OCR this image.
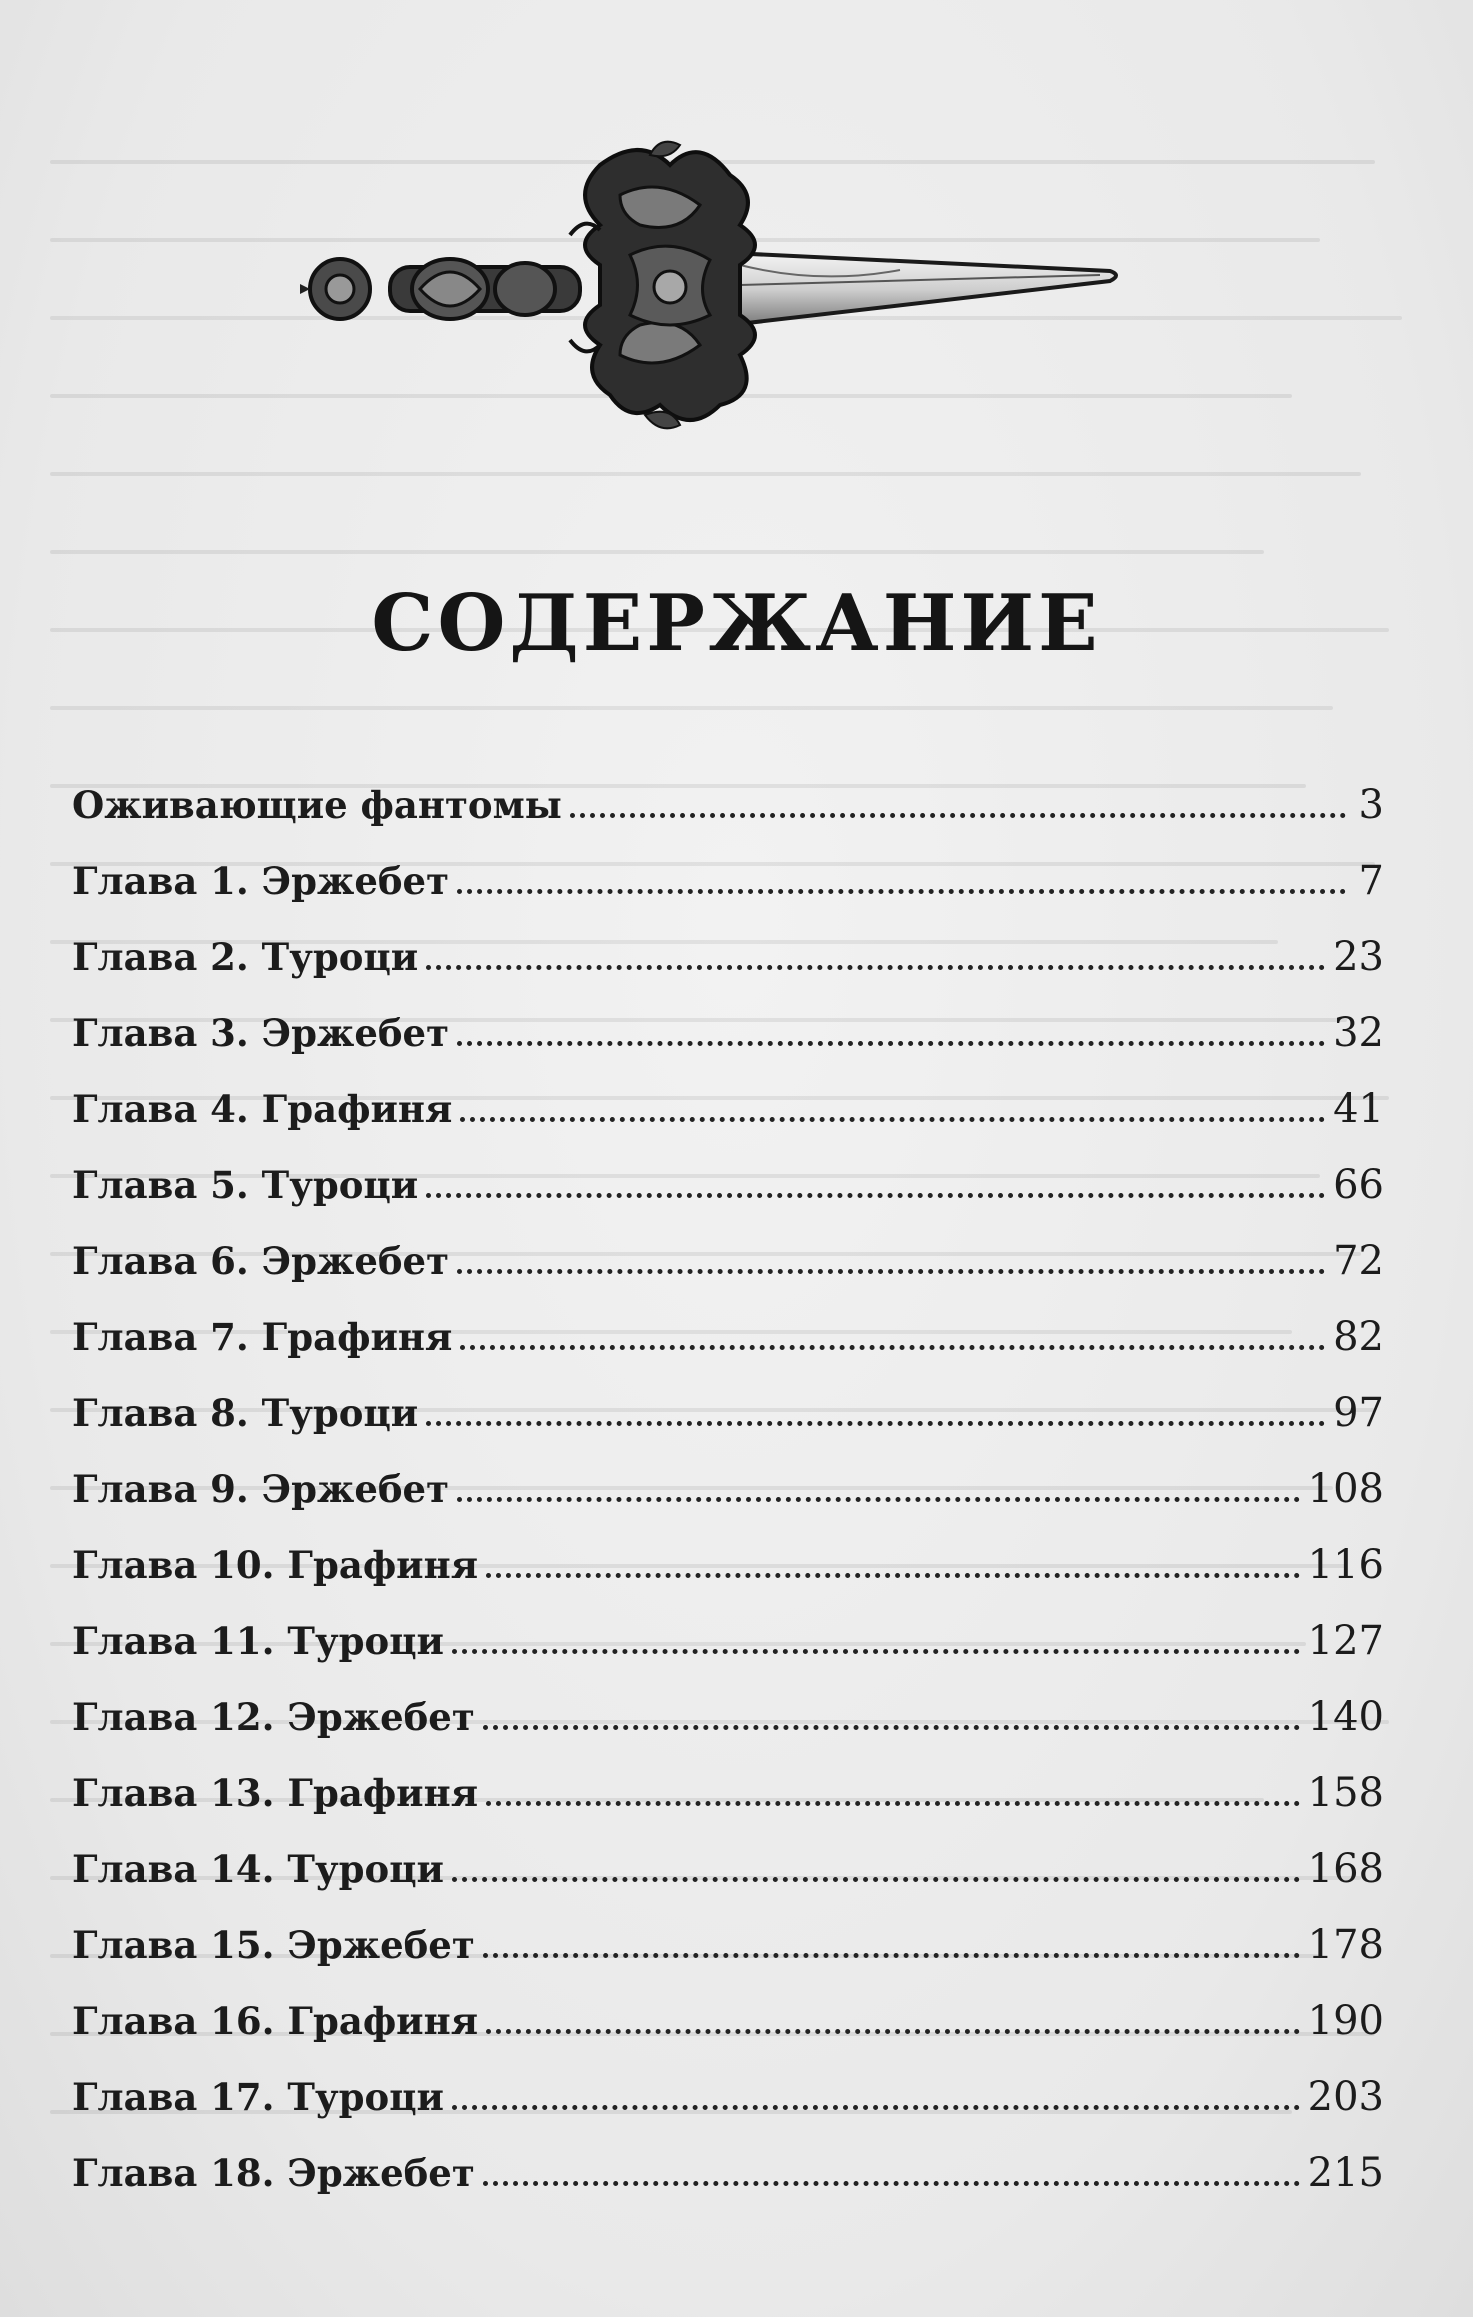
СОДЕРЖАНИЕ
Оживающие фантомы	3
Глава 1. Эржебет	7
Глава 2. Туроци	23
Глава 3. Эржебет	32
Глава 4. Графиня	41
Глава 5. Туроци	66
Глава 6. Эржебет	72
Глава 7. Графиня	82
Глава 8. Туроци	97
Глава 9. Эржебет	108
Глава 10. Графиня	116
Глава 11. Туроци	127
Глава 12. Эржебет	140
Глава 13. Графиня	158
Глава 14. Туроци	168
Глава 15. Эржебет	178
Глава 16. Графиня	190
Глава 17. Туроци	203
Глава 18. Эржебет	215
